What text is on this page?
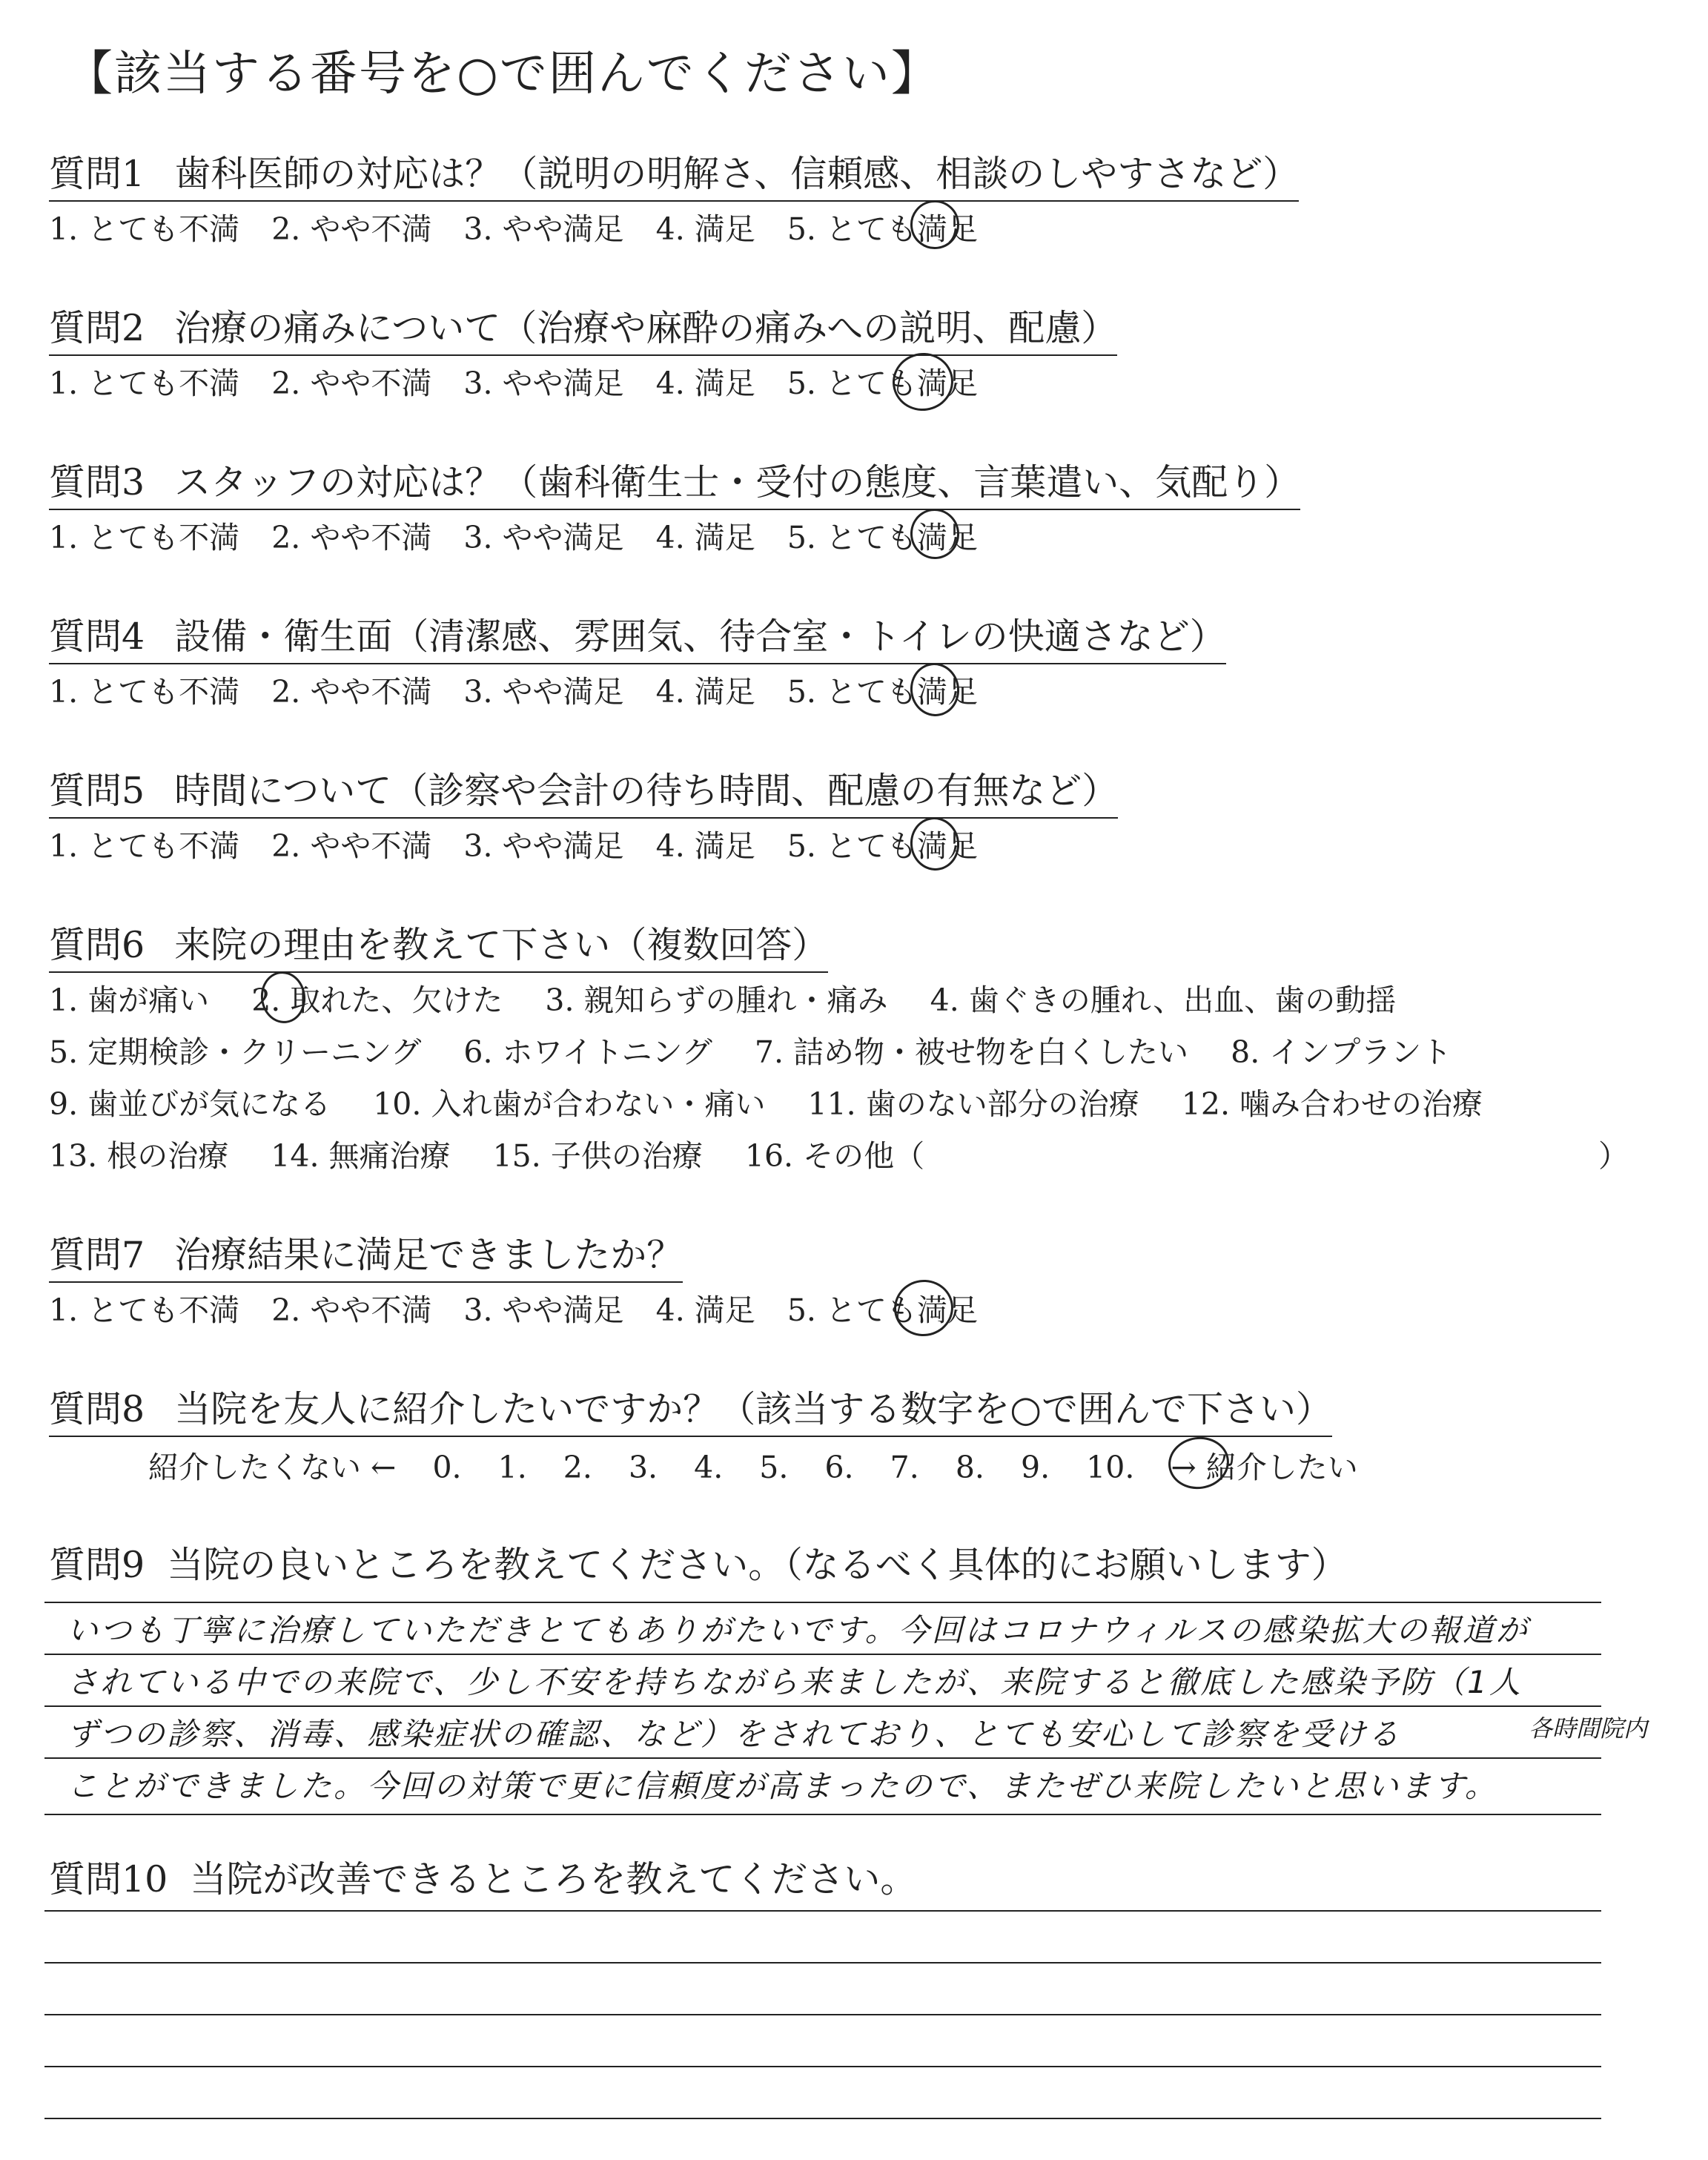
【該当する番号を○で囲んでください】
質問1 歯科医師の対応は？（説明の明解さ、信頼感、相談のしやすさなど）
1. とても不満 2. やや不満 3. やや満足 4. 満足 5. とても満足
質問2 治療の痛みについて（治療や麻酔の痛みへの説明、配慮）
1. とても不満 2. やや不満 3. やや満足 4. 満足 5. とても満足
質問3 スタッフの対応は？（歯科衛生士・受付の態度、言葉遣い、気配り）
1. とても不満 2. やや不満 3. やや満足 4. 満足 5. とても満足
質問4 設備・衛生面（清潔感、雰囲気、待合室・トイレの快適さなど）
1. とても不満 2. やや不満 3. やや満足 4. 満足 5. とても満足
質問5 時間について（診察や会計の待ち時間、配慮の有無など）
1. とても不満 2. やや不満 3. やや満足 4. 満足 5. とても満足
質問6 来院の理由を教えて下さい（複数回答）
1. 歯が痛い 2. 取れた、欠けた 3. 親知らずの腫れ・痛み 4. 歯ぐきの腫れ、出血、歯の動揺
5. 定期検診・クリーニング 6. ホワイトニング 7. 詰め物・被せ物を白くしたい 8. インプラント
9. 歯並びが気になる 10. 入れ歯が合わない・痛い 11. 歯のない部分の治療 12. 噛み合わせの治療
13. 根の治療 14. 無痛治療 15. 子供の治療 16. その他（	）
質問7 治療結果に満足できましたか？
1. とても不満 2. やや不満 3. やや満足 4. 満足 5. とても満足
質問8 当院を友人に紹介したいですか？（該当する数字を○で囲んで下さい）
紹介したくない ← 0. 1. 2. 3. 4. 5. 6. 7. 8. 9. 10. → 紹介したい
質問9 当院の良いところを教えてください。（なるべく具体的にお願いします）
いつも丁寧に治療していただきとてもありがたいです。今回はコロナウィルスの感染拡大の報道が
されている中での来院で、少し不安を持ちながら来ましたが、来院すると徹底した感染予防（1人
ずつの診察、消毒、感染症状の確認、など）をされており、とても安心して診察を受ける	各時間院内
ことができました。今回の対策で更に信頼度が高まったので、またぜひ来院したいと思います。
質問10 当院が改善できるところを教えてください。
